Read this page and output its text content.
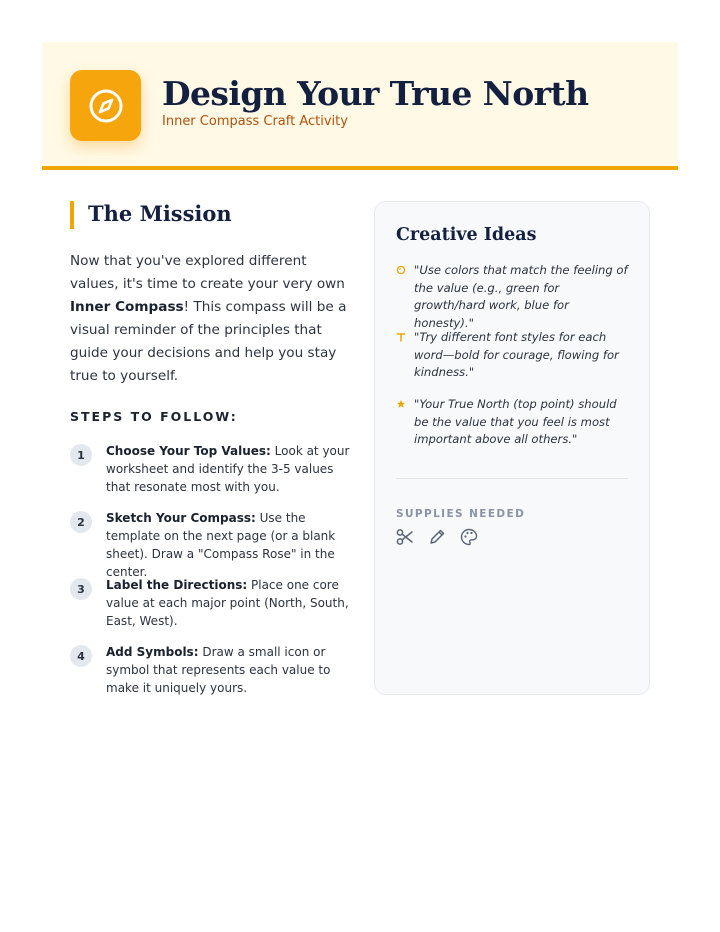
Design Your True North
Inner Compass Craft Activity
The Mission
Now that you've explored different values, it's time to create your very own Inner Compass! This compass will be a visual reminder of the principles that guide your decisions and help you stay true to yourself.
STEPS TO FOLLOW:
1	Choose Your Top Values: Look at your worksheet and identify the 3-5 values that resonate most with you.
2	Sketch Your Compass: Use the template on the next page (or a blank sheet). Draw a "Compass Rose" in the center.
3	Label the Directions: Place one core value at each major point (North, South, East, West).
4	Add Symbols: Draw a small icon or symbol that represents each value to make it uniquely yours.
Creative Ideas
"Use colors that match the feeling of the value (e.g., green for growth/hard work, blue for honesty)."
"Try different font styles for each word—bold for courage, flowing for kindness."
"Your True North (top point) should be the value that you feel is most important above all others."
SUPPLIES NEEDED
